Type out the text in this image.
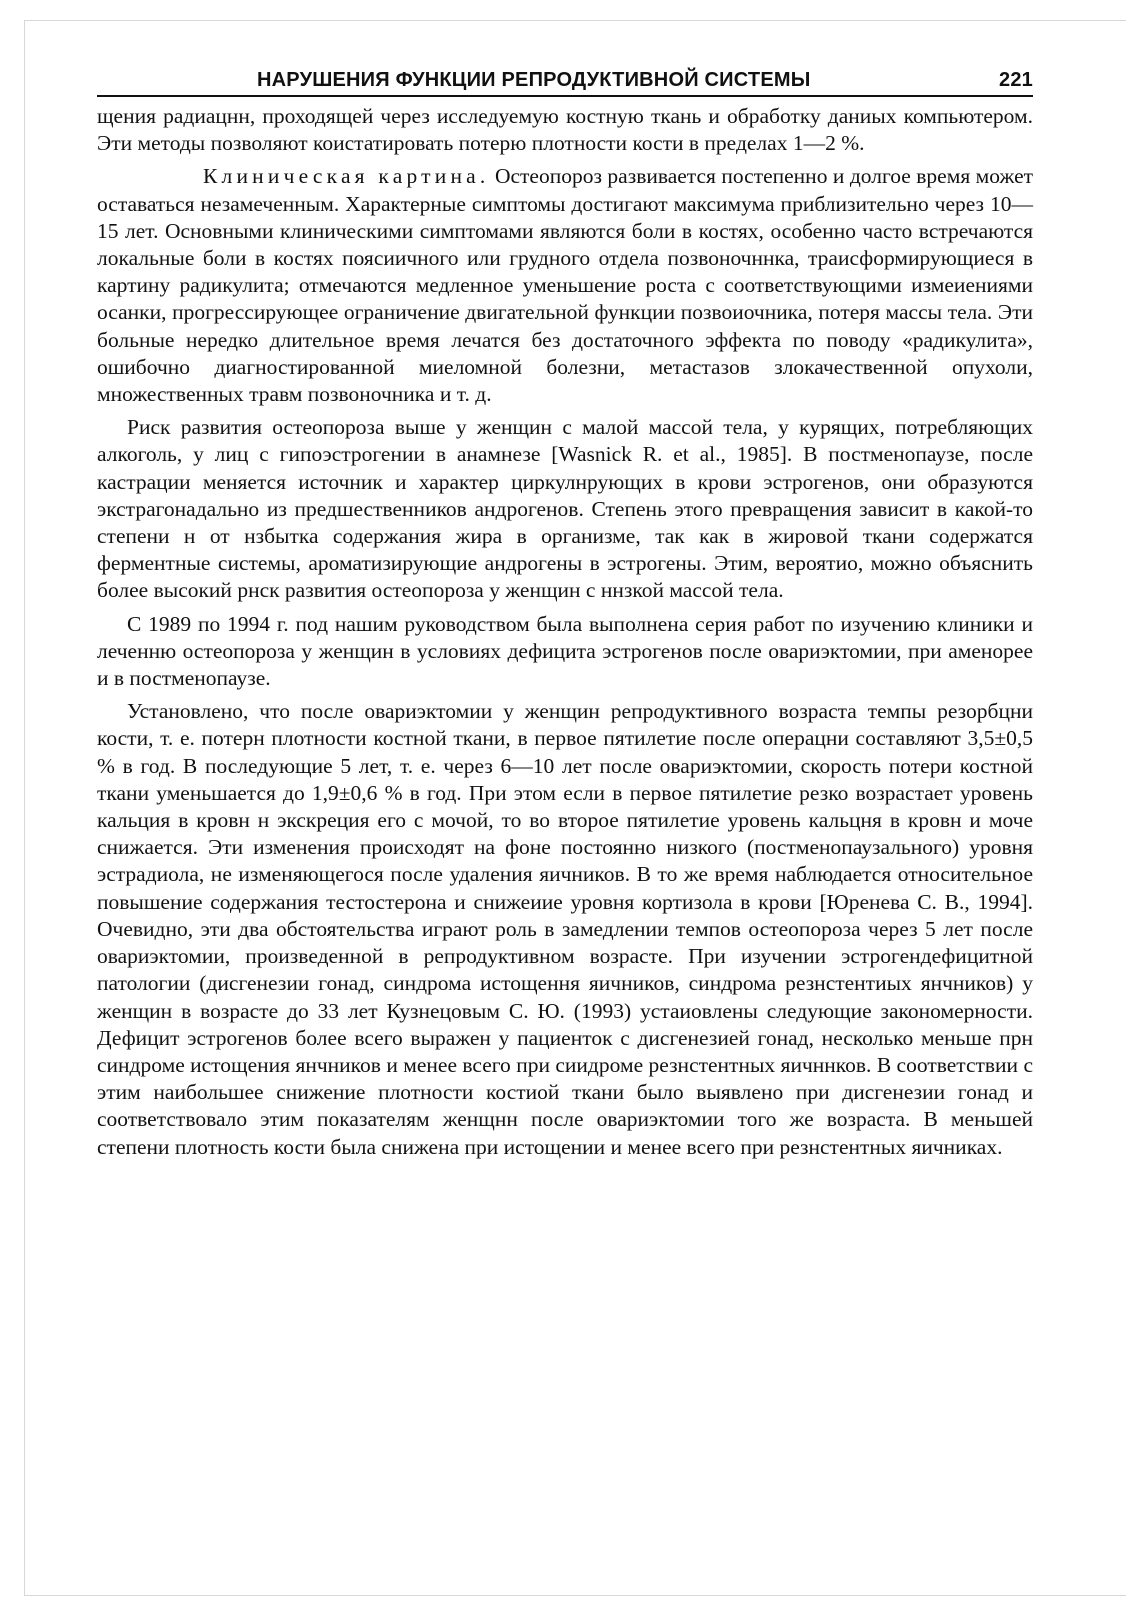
НАРУШЕНИЯ ФУНКЦИИ РЕПРОДУКТИВНОЙ СИСТЕМЫ	221

щения радиацнн, проходящей через исследуемую костную ткань и обработку даниых компьютером. Эти методы позволяют коистатировать потерю плотности кости в пределах 1—2 %.

Клиническая картина. Остеопороз развивается постепенно и долгое время может оставаться незамеченным. Характерные симптомы достигают максимума приблизительно через 10—15 лет. Основными клиническими симптомами являются боли в костях, особенно часто встречаются локальные боли в костях поясиичного или грудного отдела позвоночннка, траисформирующиеся в картину радикулита; отмечаются медленное уменьшение роста с соответствующими измеиениями осанки, прогрессирующее ограничение двигательной функции позвоиочника, потеря массы тела. Эти больные нередко длительное время лечатся без достаточного эффекта по поводу «радикулита», ошибочно диагностированной миеломной болезни, метастазов злокачественной опухоли, множественных травм позвоночника и т. д.

Риск развития остеопороза выше у женщин с малой массой тела, у курящих, потребляющих алкоголь, у лиц с гипоэстрогении в анамнезе [Wasnick R. et al., 1985]. В постменопаузе, после кастрации меняется источник и характер циркулнрующих в крови эстрогенов, они образуются экстрагонадально из предшественников андрогенов. Степень этого превращения зависит в какой-то степени н от нзбытка содержания жира в организме, так как в жировой ткани содержатся ферментные системы, ароматизирующие андрогены в эстрогены. Этим, вероятио, можно объяснить более высокий рнск развития остеопороза у женщин с ннзкой массой тела.

С 1989 по 1994 г. под нашим руководством была выполнена серия работ по изучению клиники и леченню остеопороза у женщин в условиях дефицита эстрогенов после овариэктомии, при аменорее и в постменопаузе.

Установлено, что после овариэктомии у женщин репродуктивного возраста темпы резорбцни кости, т. е. потерн плотности костной ткани, в первое пятилетие после операцни составляют 3,5±0,5 % в год. В последующие 5 лет, т. е. через 6—10 лет после овариэктомии, скорость потери костной ткани уменьшается до 1,9±0,6 % в год. При этом если в первое пятилетие резко возрастает уровень кальция в кровн н экскреция его с мочой, то во второе пятилетие уровень кальцня в кровн и моче снижается. Эти изменения происходят на фоне постоянно низкого (постменопаузального) уровня эстрадиола, не изменяющегося после удаления яичников. В то же время наблюдается относительное повышение содержания тестостерона и снижеиие уровня кортизола в крови [Юренева С. В., 1994]. Очевидно, эти два обстоятельства играют роль в замедлении темпов остеопороза через 5 лет после овариэктомии, произведенной в репродуктивном возрасте. При изучении эстрогендефицитной патологии (дисгенезии гонад, синдрома истощення яичников, синдрома резнстентиых янчников) у женщин в возрасте до 33 лет Кузнецовым С. Ю. (1993) устаиовлены следующие закономерности. Дефицит эстрогенов более всего выражен у пациенток с дисгенезией гонад, несколько меньше прн синдроме истощения янчников и менее всего при сиидроме резнстентных яичннков. В соответствии с этим наибольшее снижение плотности костиой ткани было выявлено при дисгенезии гонад и соответствовало этим показателям женщнн после овариэктомии того же возраста. В меньшей степени плотность кости была снижена при истощении и менее всего при резнстентных яичниках.
